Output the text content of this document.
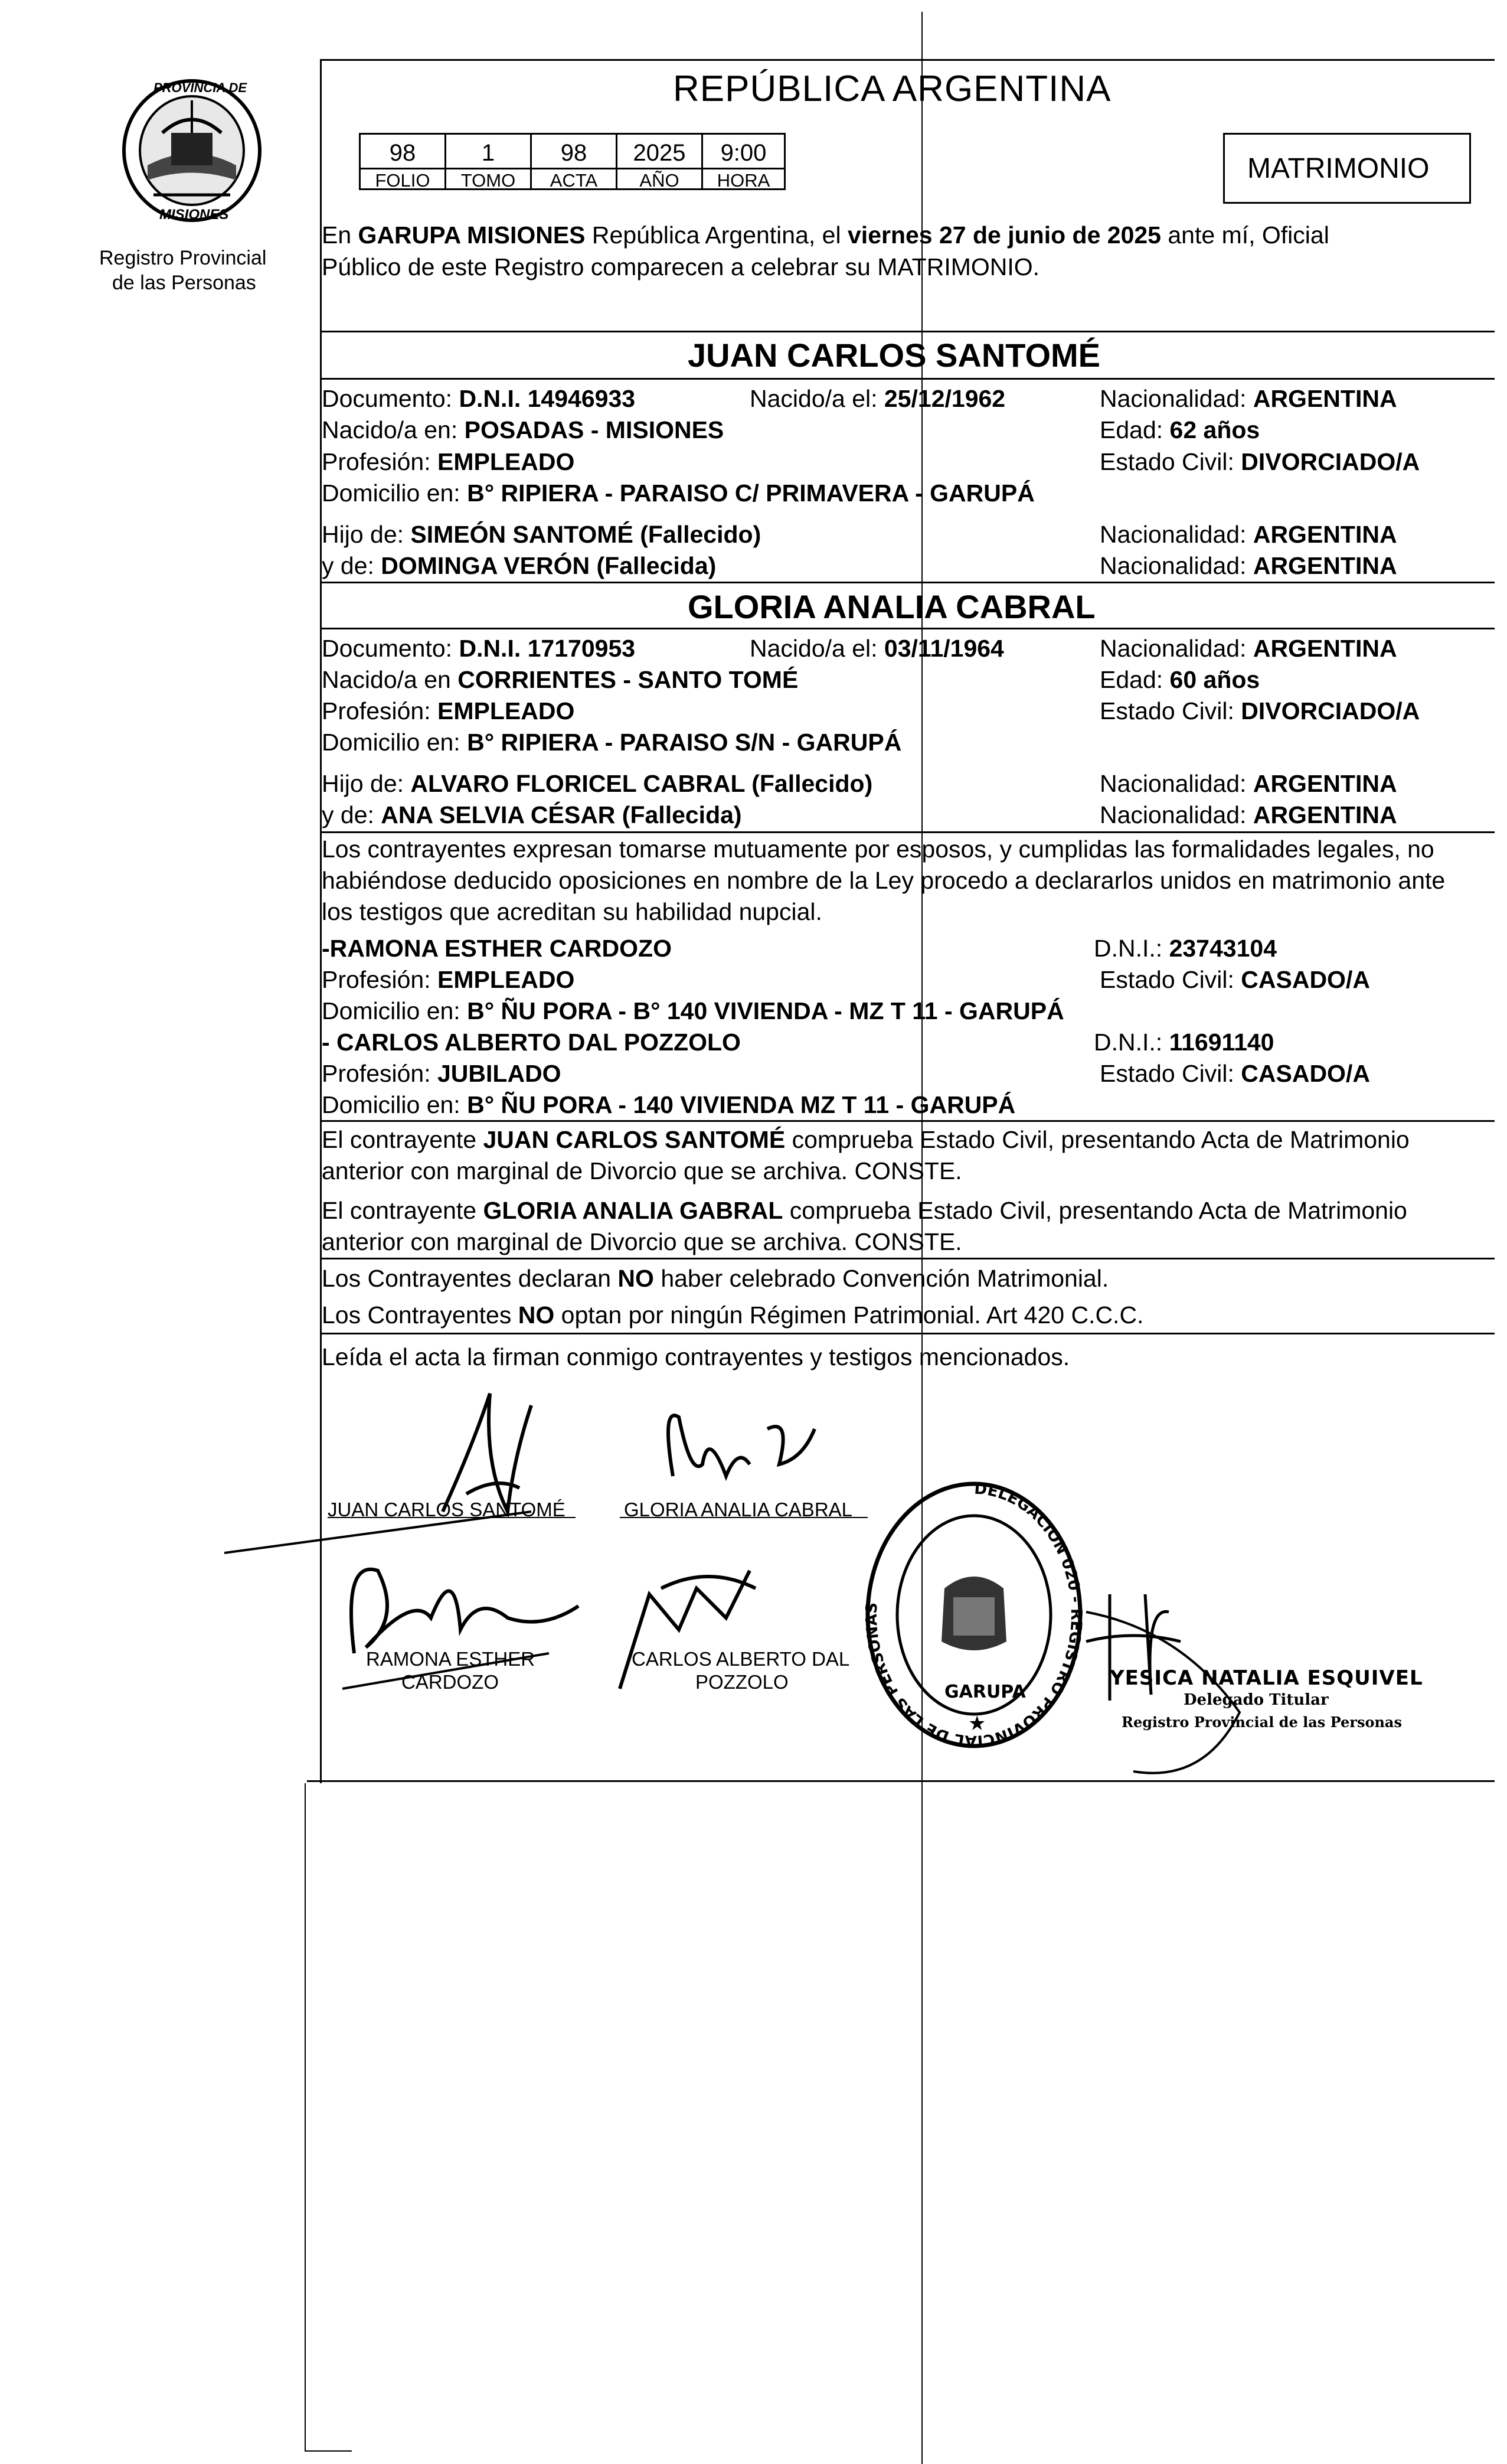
PROVINCIA DE
MISIONES
Registro Provincial
de las Personas
REPÚBLICA ARGENTINA
98	1	98	2025	9:00
FOLIO	TOMO	ACTA	AÑO	HORA	MATRIMONIO
En GARUPA MISIONES República Argentina, el viernes 27 de junio de 2025 ante mí, Oficial
Público de este Registro comparecen a celebrar su MATRIMONIO.
JUAN CARLOS SANTOMÉ
Documento: D.N.I. 14946933	Nacido/a el: 25/12/1962	Nacionalidad: ARGENTINA
Nacido/a en: POSADAS - MISIONES	Edad: 62 años
Profesión: EMPLEADO	Estado Civil: DIVORCIADO/A
Domicilio en: B° RIPIERA - PARAISO C/ PRIMAVERA - GARUPÁ
Hijo de: SIMEÓN SANTOMÉ (Fallecido)	Nacionalidad: ARGENTINA
y de: DOMINGA VERÓN (Fallecida)	Nacionalidad: ARGENTINA
GLORIA ANALIA CABRAL
Documento: D.N.I. 17170953	Nacido/a el: 03/11/1964	Nacionalidad: ARGENTINA
Nacido/a en CORRIENTES - SANTO TOMÉ	Edad: 60 años
Profesión: EMPLEADO	Estado Civil: DIVORCIADO/A
Domicilio en: B° RIPIERA - PARAISO S/N - GARUPÁ
Hijo de: ALVARO FLORICEL CABRAL (Fallecido)	Nacionalidad: ARGENTINA
y de: ANA SELVIA CÉSAR (Fallecida)	Nacionalidad: ARGENTINA
Los contrayentes expresan tomarse mutuamente por esposos, y cumplidas las formalidades legales, no
habiéndose deducido oposiciones en nombre de la Ley procedo a declararlos unidos en matrimonio ante
los testigos que acreditan su habilidad nupcial.
-RAMONA ESTHER CARDOZO	D.N.I.: 23743104
Profesión: EMPLEADO	Estado Civil: CASADO/A
Domicilio en: B° ÑU PORA - B° 140 VIVIENDA - MZ T 11 - GARUPÁ
- CARLOS ALBERTO DAL POZZOLO	D.N.I.: 11691140
Profesión: JUBILADO	Estado Civil: CASADO/A
Domicilio en: B° ÑU PORA - 140 VIVIENDA MZ T 11 - GARUPÁ
El contrayente JUAN CARLOS SANTOMÉ comprueba Estado Civil, presentando Acta de Matrimonio
anterior con marginal de Divorcio que se archiva. CONSTE.
El contrayente GLORIA ANALIA GABRAL comprueba Estado Civil, presentando Acta de Matrimonio
anterior con marginal de Divorcio que se archiva. CONSTE.
Los Contrayentes declaran NO haber celebrado Convención Matrimonial.
Los Contrayentes NO optan por ningún Régimen Patrimonial. Art 420 C.C.C.
Leída el acta la firman conmigo contrayentes y testigos mencionados.
JUAN CARLOS SANTOMÉ	GLORIA ANALIA CABRAL
RAMONA ESTHER
CARDOZO
CARLOS ALBERTO DAL
POZZOLO
DELEGACION 020 - REGISTRO PROVINCIAL DE LAS PERSONAS
GARUPA
★
YESICA NATALIA ESQUIVEL
Delegado Titular
Registro Provincial de las Personas
